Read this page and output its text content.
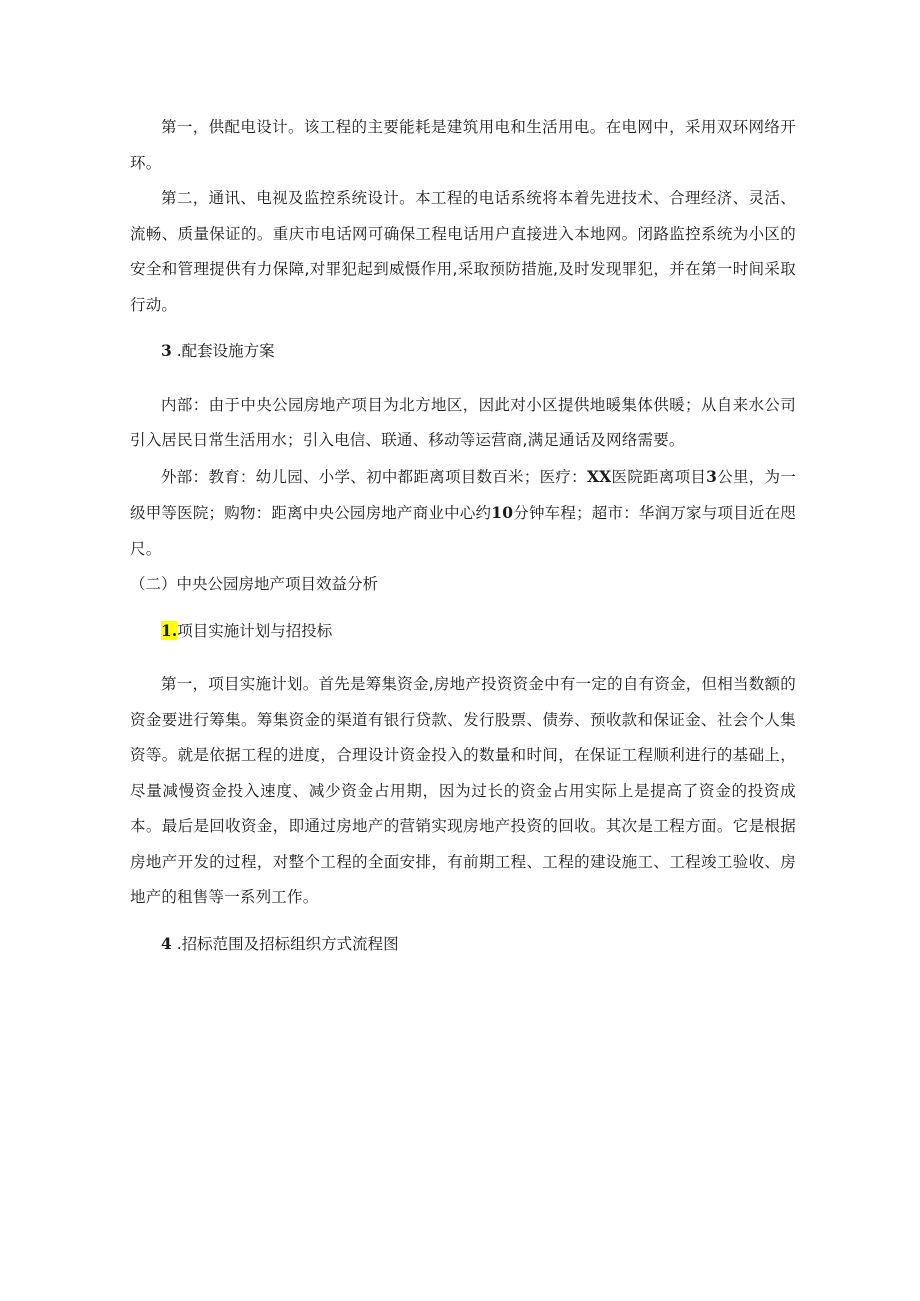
第一，供配电设计。该工程的主要能耗是建筑用电和生活用电。在电网中，采用双环网络开环。

第二，通讯、电视及监控系统设计。本工程的电话系统将本着先进技术、合理经济、灵活、流畅、质量保证的。重庆市电话网可确保工程电话用户直接进入本地网。闭路监控系统为小区的安全和管理提供有力保障,对罪犯起到威慑作用,采取预防措施,及时发现罪犯，并在第一时间采取行动。

3 .配套设施方案

内部：由于中央公园房地产项目为北方地区，因此对小区提供地暖集体供暖；从自来水公司引入居民日常生活用水；引入电信、联通、移动等运营商,满足通话及网络需要。

外部：教育：幼儿园、小学、初中都距离项目数百米；医疗：XX医院距离项目3公里，为一级甲等医院；购物：距离中央公园房地产商业中心约10分钟车程；超市：华润万家与项目近在咫尺。

（二）中央公园房地产项目效益分析

1.项目实施计划与招投标

第一，项目实施计划。首先是筹集资金,房地产投资资金中有一定的自有资金，但相当数额的资金要进行筹集。筹集资金的渠道有银行贷款、发行股票、债券、预收款和保证金、社会个人集资等。就是依据工程的进度，合理设计资金投入的数量和时间，在保证工程顺利进行的基础上，尽量减慢资金投入速度、减少资金占用期，因为过长的资金占用实际上是提高了资金的投资成本。最后是回收资金，即通过房地产的营销实现房地产投资的回收。其次是工程方面。它是根据房地产开发的过程，对整个工程的全面安排，有前期工程、工程的建设施工、工程竣工验收、房地产的租售等一系列工作。

4 .招标范围及招标组织方式流程图
